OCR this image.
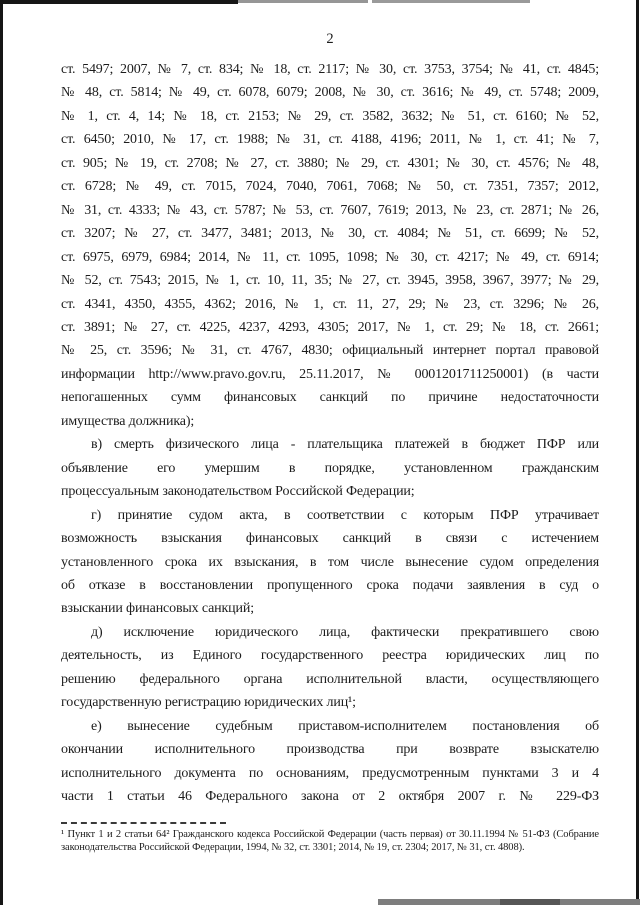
2
ст. 5497; 2007, № 7, ст. 834; № 18, ст. 2117; № 30, ст. 3753, 3754; № 41, ст. 4845;
№ 48, ст. 5814; № 49, ст. 6078, 6079; 2008, № 30, ст. 3616; № 49, ст. 5748; 2009,
№ 1, ст. 4, 14; № 18, ст. 2153; № 29, ст. 3582, 3632; № 51, ст. 6160; № 52,
ст. 6450; 2010, № 17, ст. 1988; № 31, ст. 4188, 4196; 2011, № 1, ст. 41; № 7,
ст. 905; № 19, ст. 2708; № 27, ст. 3880; № 29, ст. 4301; № 30, ст. 4576; № 48,
ст. 6728; № 49, ст. 7015, 7024, 7040, 7061, 7068; № 50, ст. 7351, 7357; 2012,
№ 31, ст. 4333; № 43, ст. 5787; № 53, ст. 7607, 7619; 2013, № 23, ст. 2871; № 26,
ст. 3207; № 27, ст. 3477, 3481; 2013, № 30, ст. 4084; № 51, ст. 6699; № 52,
ст. 6975, 6979, 6984; 2014, № 11, ст. 1095, 1098; № 30, ст. 4217; № 49, ст. 6914;
№ 52, ст. 7543; 2015, № 1, ст. 10, 11, 35; № 27, ст. 3945, 3958, 3967, 3977; № 29,
ст. 4341, 4350, 4355, 4362; 2016, № 1, ст. 11, 27, 29; № 23, ст. 3296; № 26,
ст. 3891; № 27, ст. 4225, 4237, 4293, 4305; 2017, № 1, ст. 29; № 18, ст. 2661;
№ 25, ст. 3596; № 31, ст. 4767, 4830; официальный интернет портал правовой
информации http://www.pravo.gov.ru, 25.11.2017, № 0001201711250001) (в части
непогашенных сумм финансовых санкций по причине недостаточности
имущества должника);
в) смерть физического лица - плательщика платежей в бюджет ПФР или
объявление его умершим в порядке, установленном гражданским
процессуальным законодательством Российской Федерации;
г) принятие судом акта, в соответствии с которым ПФР утрачивает
возможность взыскания финансовых санкций в связи с истечением
установленного срока их взыскания, в том числе вынесение судом определения
об отказе в восстановлении пропущенного срока подачи заявления в суд о
взыскании финансовых санкций;
д) исключение юридического лица, фактически прекратившего свою
деятельность, из Единого государственного реестра юридических лиц по
решению федерального органа исполнительной власти, осуществляющего
государственную регистрацию юридических лиц¹;
е) вынесение судебным приставом-исполнителем постановления об
окончании исполнительного производства при возврате взыскателю
исполнительного документа по основаниям, предусмотренным пунктами 3 и 4
части 1 статьи 46 Федерального закона от 2 октября 2007 г. № 229-ФЗ
¹ Пункт 1 и 2 статьи 64² Гражданского кодекса Российской Федерации (часть первая) от 30.11.1994 № 51-ФЗ (Собрание
законодательства Российской Федерации, 1994, № 32, ст. 3301; 2014, № 19, ст. 2304; 2017, № 31, ст. 4808).
